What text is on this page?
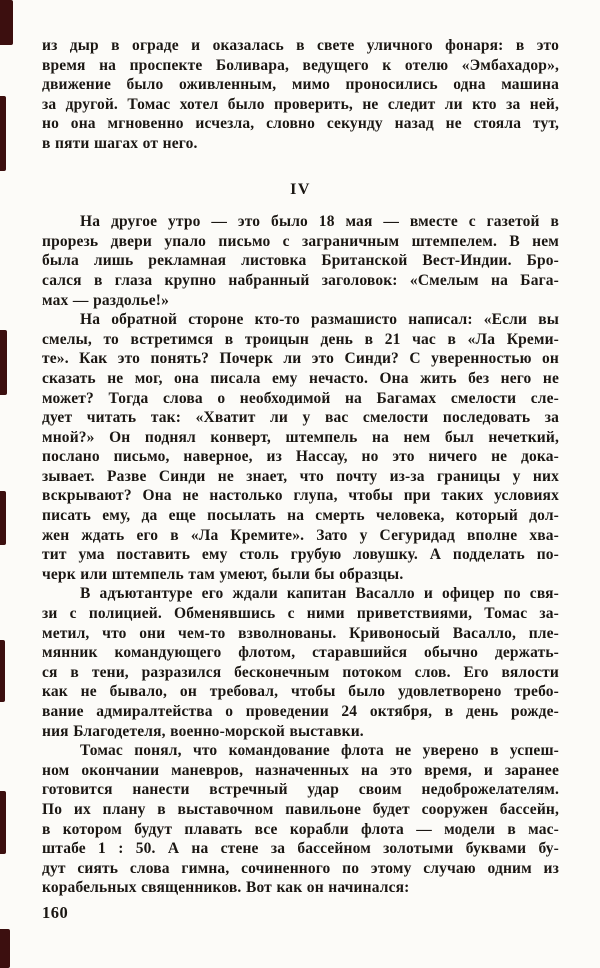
из дыр в ограде и оказалась в свете уличного фонаря: в это
время на проспекте Боливара, ведущего к отелю «Эмбахадор»,
движение было оживленным, мимо проносились одна машина
за другой. Томас хотел было проверить, не следит ли кто за ней,
но она мгновенно исчезла, словно секунду назад не стояла тут,
в пяти шагах от него.
IV
На другое утро — это было 18 мая — вместе с газетой в
прорезь двери упало письмо с заграничным штемпелем. В нем
была лишь рекламная листовка Британской Вест-Индии. Бро-
сался в глаза крупно набранный заголовок: «Смелым на Бага-
мах — раздолье!»
На обратной стороне кто-то размашисто написал: «Если вы
смелы, то встретимся в троицын день в 21 час в «Ла Креми-
те». Как это понять? Почерк ли это Синди? С уверенностью он
сказать не мог, она писала ему нечасто. Она жить без него не
может? Тогда слова о необходимой на Багамах смелости сле-
дует читать так: «Хватит ли у вас смелости последовать за
мной?» Он поднял конверт, штемпель на нем был нечеткий,
послано письмо, наверное, из Нассау, но это ничего не дока-
зывает. Разве Синди не знает, что почту из-за границы у них
вскрывают? Она не настолько глупа, чтобы при таких условиях
писать ему, да еще посылать на смерть человека, который дол-
жен ждать его в «Ла Кремите». Зато у Сегуридад вполне хва-
тит ума поставить ему столь грубую ловушку. А подделать по-
черк или штемпель там умеют, были бы образцы.
В адъютантуре его ждали капитан Васалло и офицер по свя-
зи с полицией. Обменявшись с ними приветствиями, Томас за-
метил, что они чем-то взволнованы. Кривоносый Васалло, пле-
мянник командующего флотом, старавшийся обычно держать-
ся в тени, разразился бесконечным потоком слов. Его вялости
как не бывало, он требовал, чтобы было удовлетворено требо-
вание адмиралтейства о проведении 24 октября, в день рожде-
ния Благодетеля, военно-морской выставки.
Томас понял, что командование флота не уверено в успеш-
ном окончании маневров, назначенных на это время, и заранее
готовится нанести встречный удар своим недоброжелателям.
По их плану в выставочном павильоне будет сооружен бассейн,
в котором будут плавать все корабли флота — модели в мас-
штабе 1 : 50. А на стене за бассейном золотыми буквами бу-
дут сиять слова гимна, сочиненного по этому случаю одним из
корабельных священников. Вот как он начинался:
160
